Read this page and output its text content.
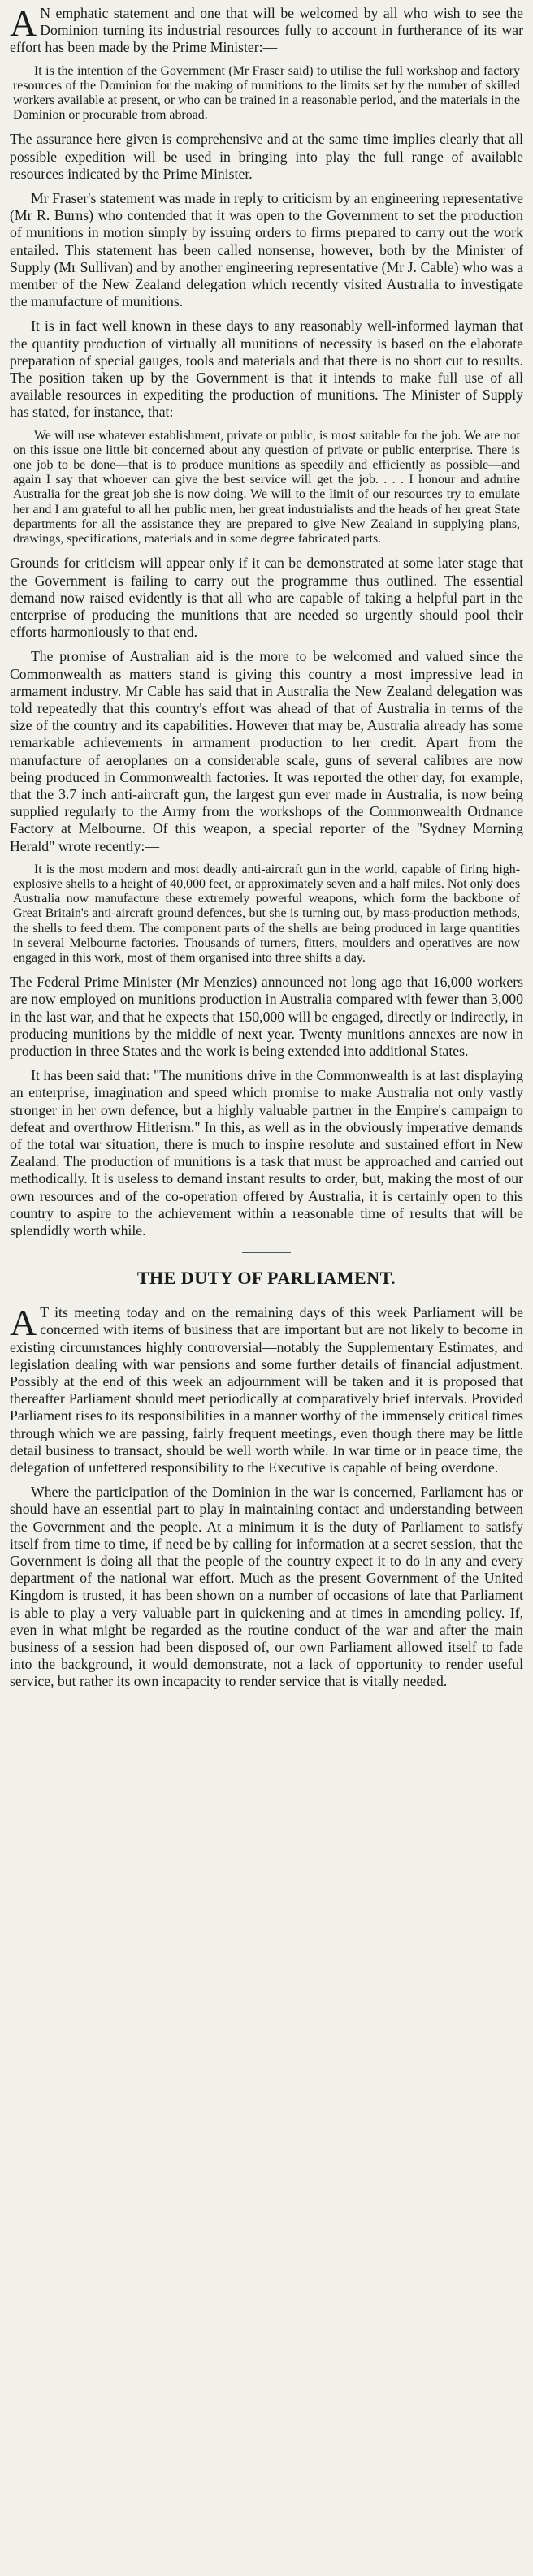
AN emphatic statement and one that will be welcomed by all who wish to see the Dominion turning its industrial resources fully to account in furtherance of its war effort has been made by the Prime Minister:—

It is the intention of the Government (Mr Fraser said) to utilise the full workshop and factory resources of the Dominion for the making of munitions to the limits set by the number of skilled workers available at present, or who can be trained in a reasonable period, and the materials in the Dominion or procurable from abroad.

The assurance here given is comprehensive and at the same time implies clearly that all possible expedition will be used in bringing into play the full range of available resources indicated by the Prime Minister.

Mr Fraser's statement was made in reply to criticism by an engineering representative (Mr R. Burns) who contended that it was open to the Government to set the production of munitions in motion simply by issuing orders to firms prepared to carry out the work entailed. This statement has been called nonsense, however, both by the Minister of Supply (Mr Sullivan) and by another engineering representative (Mr J. Cable) who was a member of the New Zealand delegation which recently visited Australia to investigate the manufacture of munitions.

It is in fact well known in these days to any reasonably well-informed layman that the quantity production of virtually all munitions of necessity is based on the elaborate preparation of special gauges, tools and materials and that there is no short cut to results. The position taken up by the Government is that it intends to make full use of all available resources in expediting the production of munitions. The Minister of Supply has stated, for instance, that:—

We will use whatever establishment, private or public, is most suitable for the job. We are not on this issue one little bit concerned about any question of private or public enterprise. There is one job to be done—that is to produce munitions as speedily and efficiently as possible—and again I say that whoever can give the best service will get the job. . . . I honour and admire Australia for the great job she is now doing. We will to the limit of our resources try to emulate her and I am grateful to all her public men, her great industrialists and the heads of her great State departments for all the assistance they are prepared to give New Zealand in supplying plans, drawings, specifications, materials and in some degree fabricated parts.

Grounds for criticism will appear only if it can be demonstrated at some later stage that the Government is failing to carry out the programme thus outlined. The essential demand now raised evidently is that all who are capable of taking a helpful part in the enterprise of producing the munitions that are needed so urgently should pool their efforts harmoniously to that end.

The promise of Australian aid is the more to be welcomed and valued since the Commonwealth as matters stand is giving this country a most impressive lead in armament industry. Mr Cable has said that in Australia the New Zealand delegation was told repeatedly that this country's effort was ahead of that of Australia in terms of the size of the country and its capabilities. However that may be, Australia already has some remarkable achievements in armament production to her credit. Apart from the manufacture of aeroplanes on a considerable scale, guns of several calibres are now being produced in Commonwealth factories. It was reported the other day, for example, that the 3.7 inch anti-aircraft gun, the largest gun ever made in Australia, is now being supplied regularly to the Army from the workshops of the Commonwealth Ordnance Factory at Melbourne. Of this weapon, a special reporter of the "Sydney Morning Herald" wrote recently:—

It is the most modern and most deadly anti-aircraft gun in the world, capable of firing high-explosive shells to a height of 40,000 feet, or approximately seven and a half miles. Not only does Australia now manufacture these extremely powerful weapons, which form the backbone of Great Britain's anti-aircraft ground defences, but she is turning out, by mass-production methods, the shells to feed them. The component parts of the shells are being produced in large quantities in several Melbourne factories. Thousands of turners, fitters, moulders and operatives are now engaged in this work, most of them organised into three shifts a day.

The Federal Prime Minister (Mr Menzies) announced not long ago that 16,000 workers are now employed on munitions production in Australia compared with fewer than 3,000 in the last war, and that he expects that 150,000 will be engaged, directly or indirectly, in producing munitions by the middle of next year. Twenty munitions annexes are now in production in three States and the work is being extended into additional States.

It has been said that: "The munitions drive in the Commonwealth is at last displaying an enterprise, imagination and speed which promise to make Australia not only vastly stronger in her own defence, but a highly valuable partner in the Empire's campaign to defeat and overthrow Hitlerism." In this, as well as in the obviously imperative demands of the total war situation, there is much to inspire resolute and sustained effort in New Zealand. The production of munitions is a task that must be approached and carried out methodically. It is useless to demand instant results to order, but, making the most of our own resources and of the co-operation offered by Australia, it is certainly open to this country to aspire to the achievement within a reasonable time of results that will be splendidly worth while.

THE DUTY OF PARLIAMENT.

AT its meeting today and on the remaining days of this week Parliament will be concerned with items of business that are important but are not likely to become in existing circumstances highly controversial—notably the Supplementary Estimates, and legislation dealing with war pensions and some further details of financial adjustment. Possibly at the end of this week an adjournment will be taken and it is proposed that thereafter Parliament should meet periodically at comparatively brief intervals. Provided Parliament rises to its responsibilities in a manner worthy of the immensely critical times through which we are passing, fairly frequent meetings, even though there may be little detail business to transact, should be well worth while. In war time or in peace time, the delegation of unfettered responsibility to the Executive is capable of being overdone.

Where the participation of the Dominion in the war is concerned, Parliament has or should have an essential part to play in maintaining contact and understanding between the Government and the people. At a minimum it is the duty of Parliament to satisfy itself from time to time, if need be by calling for information at a secret session, that the Government is doing all that the people of the country expect it to do in any and every department of the national war effort. Much as the present Government of the United Kingdom is trusted, it has been shown on a number of occasions of late that Parliament is able to play a very valuable part in quickening and at times in amending policy. If, even in what might be regarded as the routine conduct of the war and after the main business of a session had been disposed of, our own Parliament allowed itself to fade into the background, it would demonstrate, not a lack of opportunity to render useful service, but rather its own incapacity to render service that is vitally needed.
